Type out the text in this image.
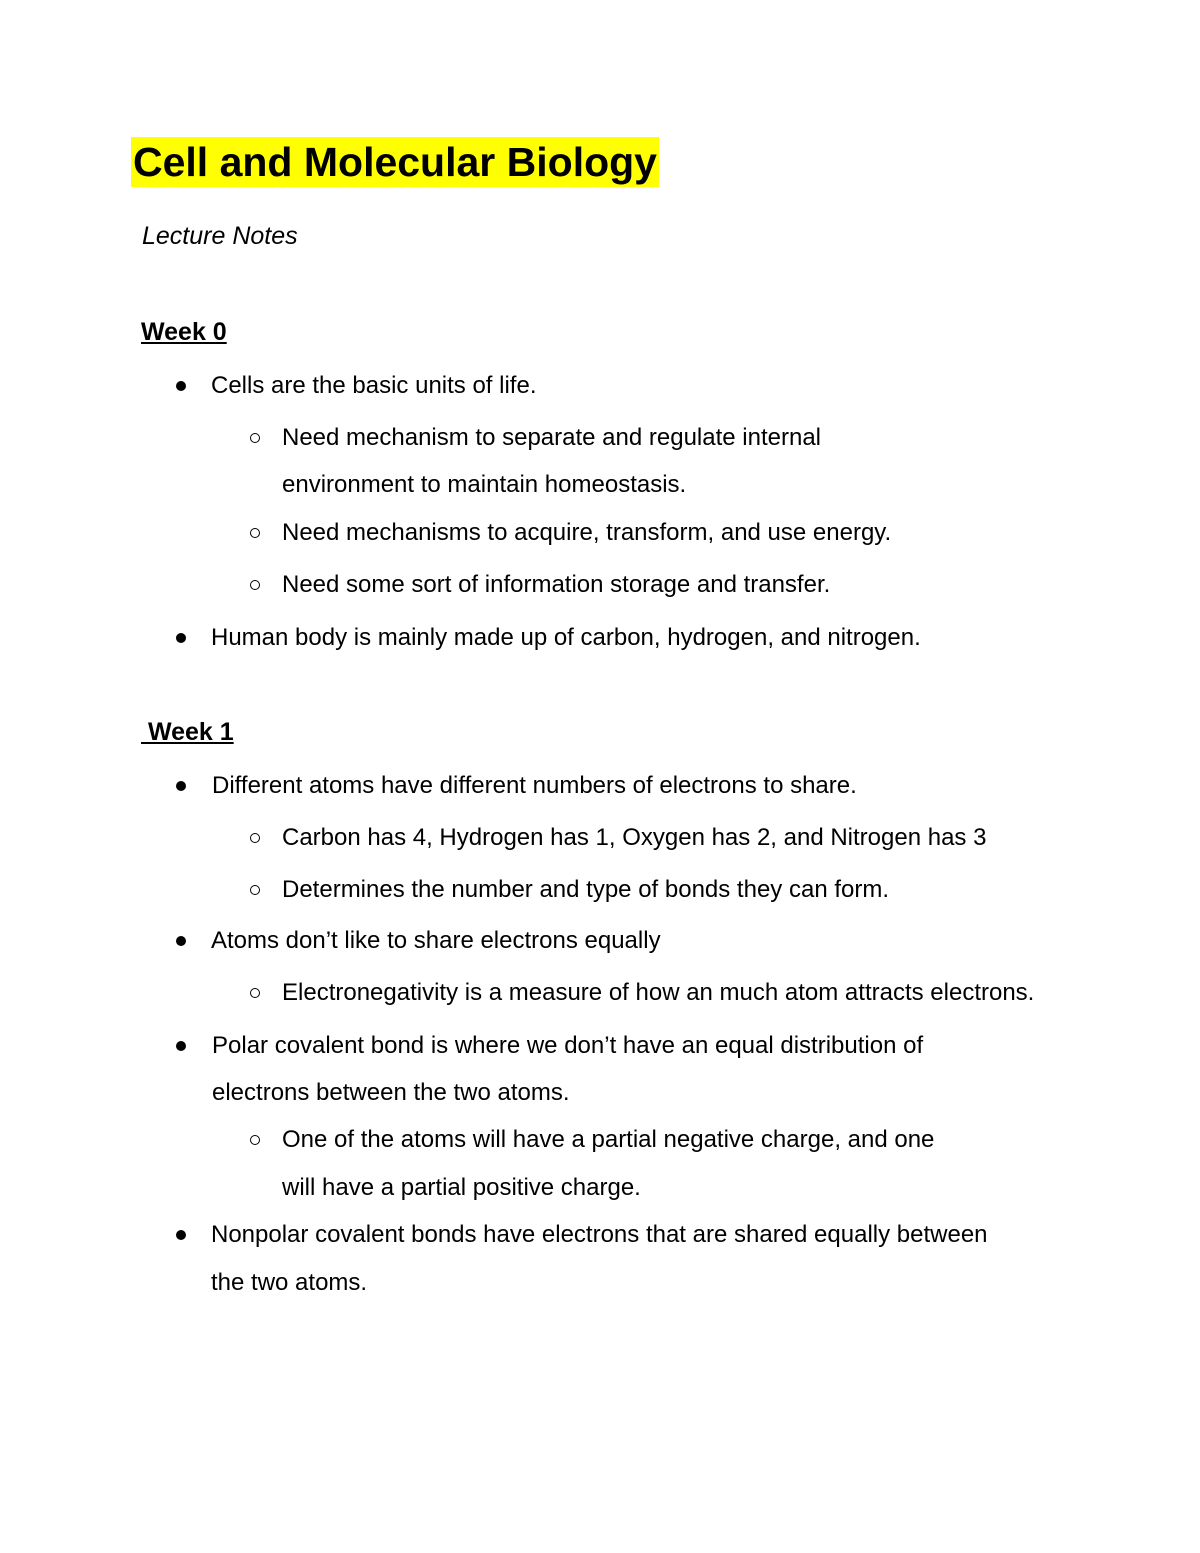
Cell and Molecular Biology

Lecture Notes

Week 0
Cells are the basic units of life.
Need mechanism to separate and regulate internal
environment to maintain homeostasis.
Need mechanisms to acquire, transform, and use energy.
Need some sort of information storage and transfer.
Human body is mainly made up of carbon, hydrogen, and nitrogen.
Week 1
Different atoms have different numbers of electrons to share.
Carbon has 4, Hydrogen has 1, Oxygen has 2, and Nitrogen has 3
Determines the number and type of bonds they can form.
Atoms don’t like to share electrons equally
Electronegativity is a measure of how an much atom attracts electrons.
Polar covalent bond is where we don’t have an equal distribution of
electrons between the two atoms.
One of the atoms will have a partial negative charge, and one
will have a partial positive charge.
Nonpolar covalent bonds have electrons that are shared equally between
the two atoms.
